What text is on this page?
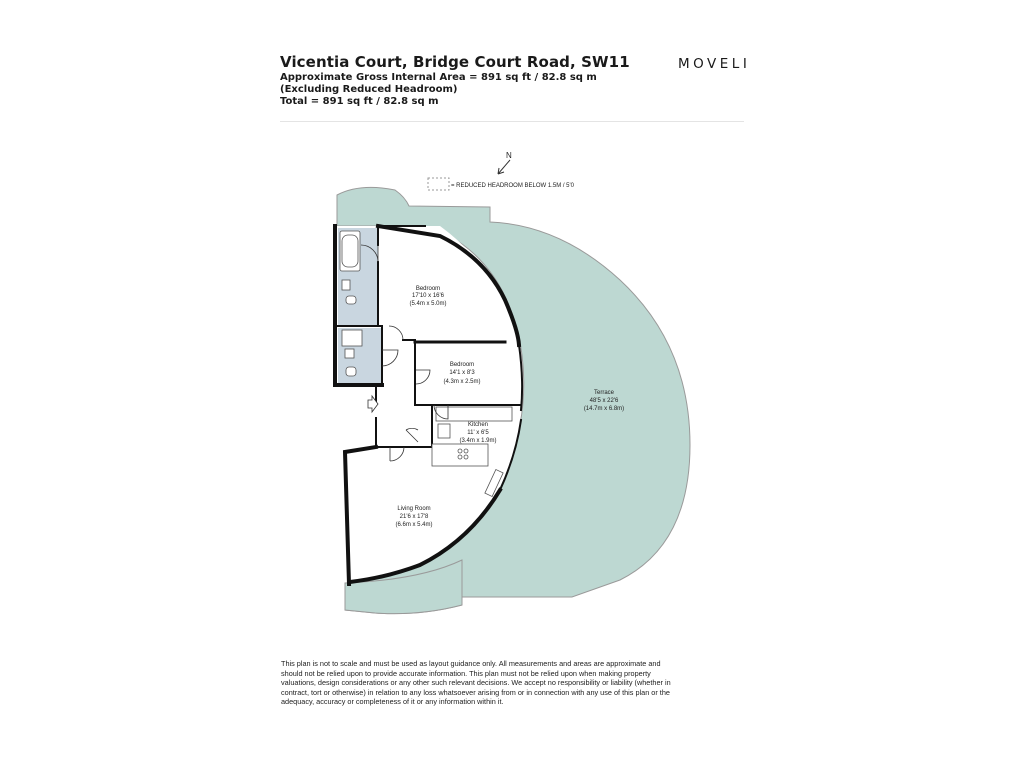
Vicentia Court, Bridge Court Road, SW11
Approximate Gross Internal Area = 891 sq ft / 82.8 sq m
(Excluding Reduced Headroom)
Total = 891 sq ft / 82.8 sq m
MOVELI
N
= REDUCED HEADROOM BELOW 1.5M / 5'0
Bedroom
17'10 x 16'6
(5.4m x 5.0m)
Bedroom
14'1 x 8'3
(4.3m x 2.5m)
Kitchen
11' x 6'5
(3.4m x 1.9m)
Living Room
21'6 x 17'8
(6.6m x 5.4m)
Terrace
48'5 x 22'6
(14.7m x 6.8m)
This plan is not to scale and must be used as layout guidance only. All measurements and areas are approximate and should not be relied upon to provide accurate information. This plan must not be relied upon when making property valuations, design considerations or any other such relevant decisions. We accept no responsibility or liability (whether in contract, tort or otherwise) in relation to any loss whatsoever arising from or in connection with any use of this plan or the adequacy, accuracy or completeness of it or any information within it.
